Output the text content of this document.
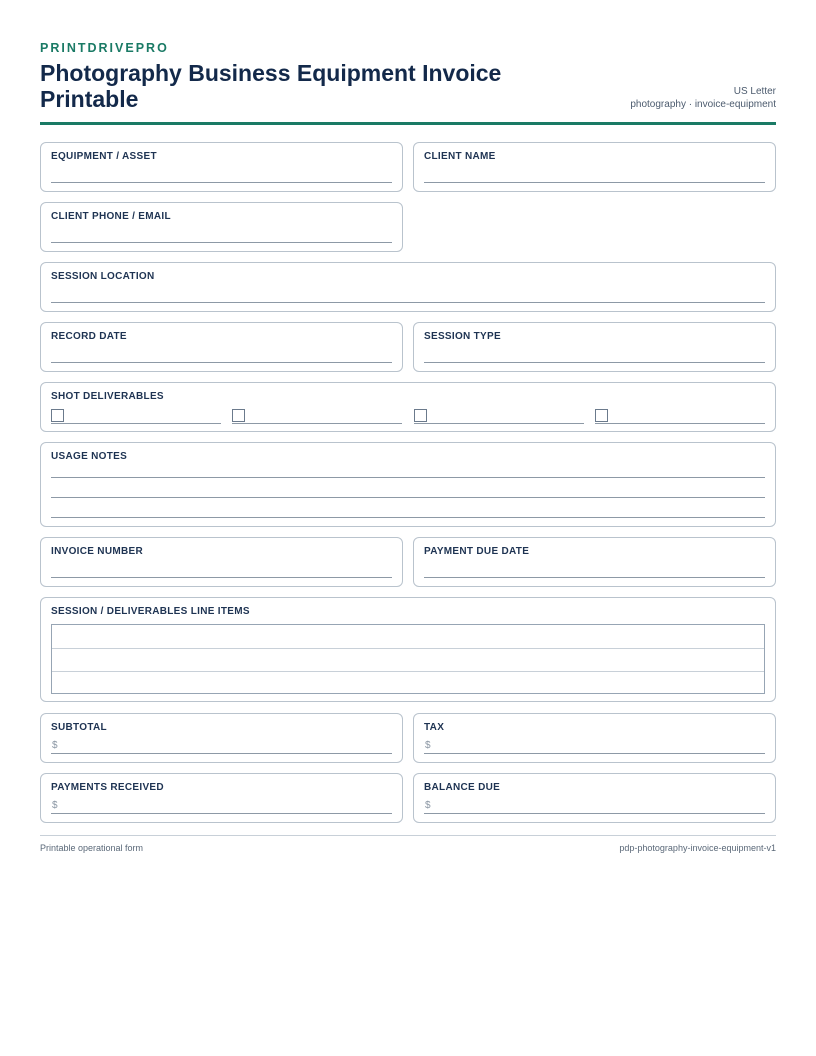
PRINTDRIVEPRO
Photography Business Equipment Invoice Printable	US Letter
photography · invoice-equipment
EQUIPMENT / ASSET	CLIENT NAME
CLIENT PHONE / EMAIL
SESSION LOCATION
RECORD DATE	SESSION TYPE
SHOT DELIVERABLES
USAGE NOTES
INVOICE NUMBER	PAYMENT DUE DATE
SESSION / DELIVERABLES LINE ITEMS
SUBTOTAL
$
TAX
$
PAYMENTS RECEIVED
$
BALANCE DUE
$
Printable operational form	pdp-photography-invoice-equipment-v1
